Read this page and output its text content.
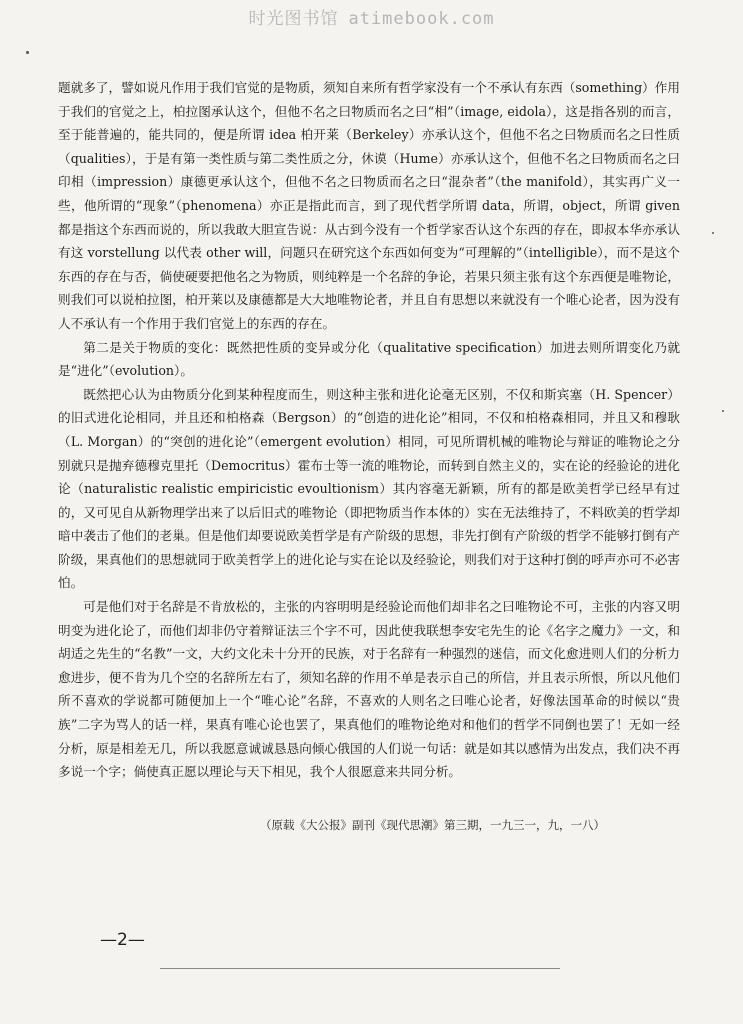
时光图书馆 atimebook.com

题就多了，譬如说凡作用于我们官觉的是物质，须知自来所有哲学家没有一个不承认有东西（something）作用于我们的官觉之上，柏拉图承认这个，但他不名之曰物质而名之曰“相”（image, eidola），这是指各别的而言，至于能普遍的，能共同的，便是所谓 idea 柏开莱（Berkeley）亦承认这个，但他不名之曰物质而名之曰性质（qualities），于是有第一类性质与第二类性质之分，休谟（Hume）亦承认这个，但他不名之曰物质而名之曰印相（impression）康德更承认这个，但他不名之曰物质而名之曰“混杂者”（the manifold），其实再广义一些，他所谓的“现象”（phenomena）亦正是指此而言，到了现代哲学所谓 data，所谓，object，所谓 given 都是指这个东西而说的，所以我敢大胆宣告说：从古到今没有一个哲学家否认这个东西的存在，即叔本华亦承认有这 vorstellung 以代表 other will，问题只在研究这个东西如何变为“可理解的”（intelligible），而不是这个东西的存在与否，倘使硬要把他名之为物质，则纯粹是一个名辞的争论，若果只须主张有这个东西便是唯物论，则我们可以说柏拉图，柏开莱以及康德都是大大地唯物论者，并且自有思想以来就没有一个唯心论者，因为没有人不承认有一个作用于我们官觉上的东西的存在。

第二是关于物质的变化：既然把性质的变异或分化（qualitative specification）加进去则所谓变化乃就是“进化”（evolution）。

既然把心认为由物质分化到某种程度而生，则这种主张和进化论毫无区别，不仅和斯宾塞（H. Spencer）的旧式进化论相同，并且还和柏格森（Bergson）的“创造的进化论”相同，不仅和柏格森相同，并且又和穆耿（L. Morgan）的“突创的进化论”（emergent evolution）相同，可见所谓机械的唯物论与辩证的唯物论之分别就只是抛弃德穆克里托（Democritus）霍布士等一流的唯物论，而转到自然主义的，实在论的经验论的进化论（naturalistic realistic empiricistic evoultionism）其内容毫无新颖，所有的都是欧美哲学已经早有过的，又可见自从新物理学出来了以后旧式的唯物论（即把物质当作本体的）实在无法维持了，不料欧美的哲学却暗中袭击了他们的老巢。但是他们却要说欧美哲学是有产阶级的思想，非先打倒有产阶级的哲学不能够打倒有产阶级，果真他们的思想就同于欧美哲学上的进化论与实在论以及经验论，则我们对于这种打倒的呼声亦可不必害怕。

可是他们对于名辞是不肯放松的，主张的内容明明是经验论而他们却非名之曰唯物论不可，主张的内容又明明变为进化论了，而他们却非仍守着辩证法三个字不可，因此使我联想李安宅先生的论《名字之魔力》一文，和胡适之先生的“名教”一文，大约文化未十分开的民族，对于名辞有一种强烈的迷信，而文化愈进则人们的分析力愈进步，便不肯为几个空的名辞所左右了，须知名辞的作用不单是表示自己的所信，并且表示所恨，所以凡他们所不喜欢的学说都可随便加上一个“唯心论”名辞，不喜欢的人则名之曰唯心论者，好像法国革命的时候以“贵族”二字为骂人的话一样，果真有唯心论也罢了，果真他们的唯物论绝对和他们的哲学不同倒也罢了！无如一经分析，原是相差无几，所以我愿意诚诚恳恳向倾心俄国的人们说一句话：就是如其以感情为出发点，我们决不再多说一个字；倘使真正愿以理论与天下相见，我个人很愿意来共同分析。

（原载《大公报》副刊《现代思潮》第三期，一九三一，九，一八）
—2—
